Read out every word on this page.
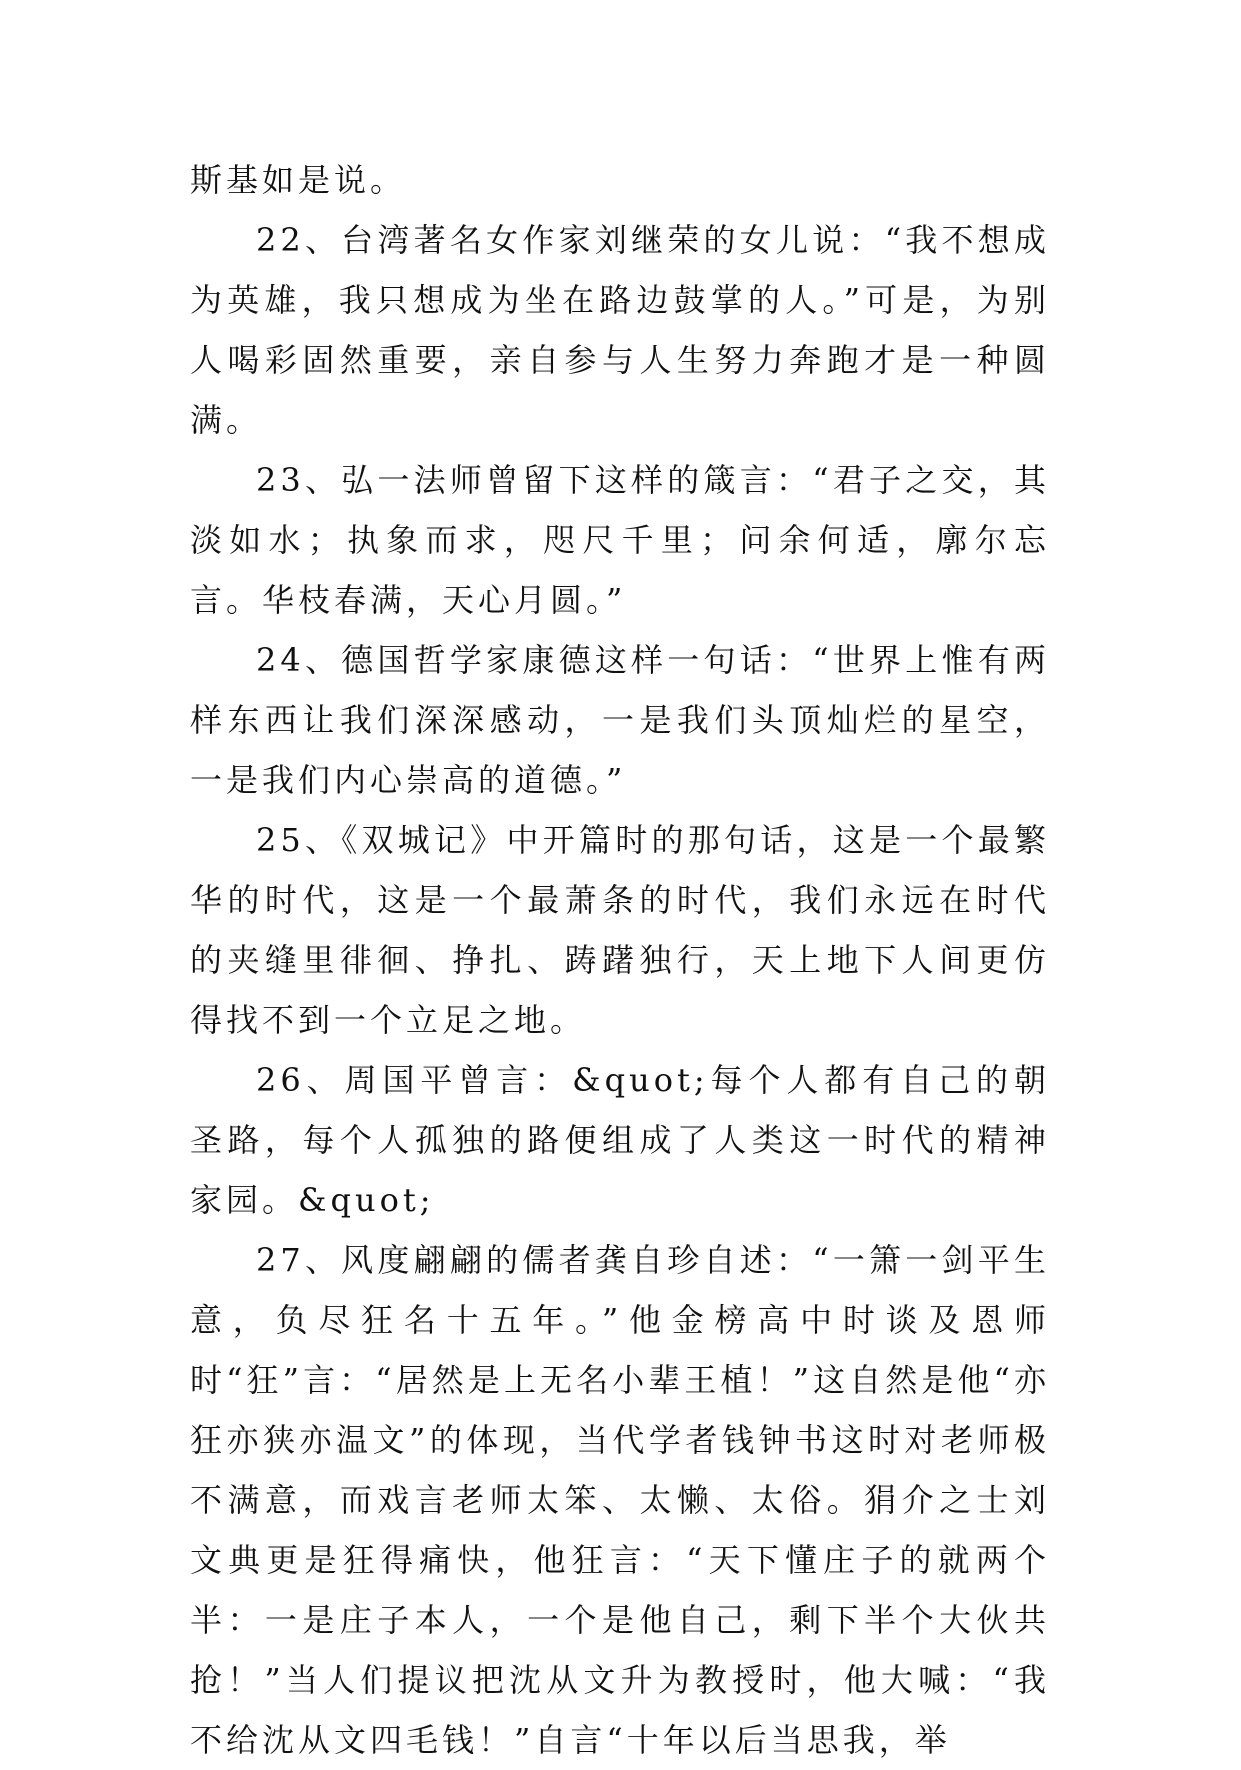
斯基如是说。

22、台湾著名女作家刘继荣的女儿说：“我不想成为英雄，我只想成为坐在路边鼓掌的人。”可是，为别人喝彩固然重要，亲自参与人生努力奔跑才是一种圆满。

23、弘一法师曾留下这样的箴言：“君子之交，其淡如水；执象而求，咫尺千里；问余何适，廓尔忘言。华枝春满，天心月圆。”

24、德国哲学家康德这样一句话：“世界上惟有两样东西让我们深深感动，一是我们头顶灿烂的星空，一是我们内心崇高的道德。”

25、《双城记》中开篇时的那句话，这是一个最繁华的时代，这是一个最萧条的时代，我们永远在时代的夹缝里徘徊、挣扎、踌躇独行，天上地下人间更仿得找不到一个立足之地。

26、周国平曾言：&quot;每个人都有自己的朝圣路，每个人孤独的路便组成了人类这一时代的精神家园。&quot;

27、风度翩翩的儒者龚自珍自述：“一箫一剑平生意，负尽狂名十五年。”他金榜高中时谈及恩师时“狂”言：“居然是上无名小辈王植！”这自然是他“亦狂亦狭亦温文”的体现，当代学者钱钟书这时对老师极不满意，而戏言老师太笨、太懒、太俗。狷介之士刘文典更是狂得痛快，他狂言：“天下懂庄子的就两个半：一是庄子本人，一个是他自己，剩下半个大伙共抢！”当人们提议把沈从文升为教授时，他大喊：“我不给沈从文四毛钱！”自言“十年以后当思我，举
